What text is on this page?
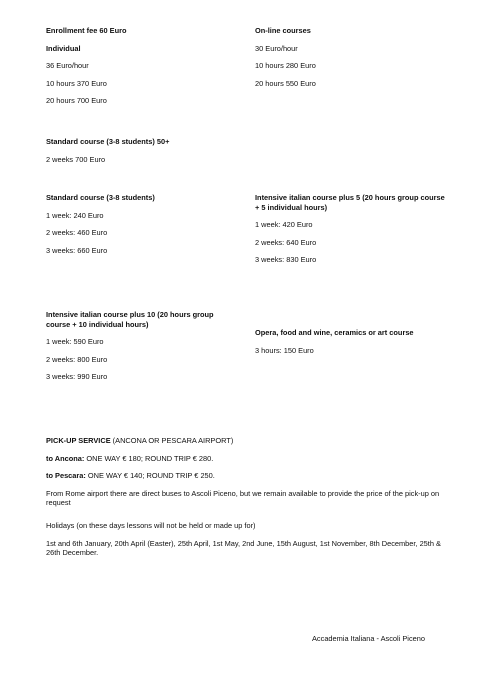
Enrollment fee 60 Euro
Individual
36 Euro/hour
10 hours 370 Euro
20 hours 700 Euro
On-line courses
30 Euro/hour
10 hours 280 Euro
20 hours 550 Euro
Standard course (3-8 students) 50+
2 weeks 700 Euro
Standard course (3-8 students)
1 week: 240 Euro
2 weeks: 460 Euro
3 weeks: 660 Euro
Intensive italian course plus 5 (20 hours group course + 5 individual hours)
1 week: 420 Euro
2 weeks: 640 Euro
3 weeks: 830 Euro
Intensive italian course plus 10 (20 hours group course + 10 individual hours)
1 week: 590 Euro
2 weeks: 800 Euro
3 weeks: 990 Euro
Opera, food and wine, ceramics or art course
3 hours: 150 Euro
PICK-UP SERVICE (ANCONA OR PESCARA AIRPORT)
to Ancona: ONE WAY € 180; ROUND TRIP € 280.
to Pescara: ONE WAY € 140; ROUND TRIP € 250.
From Rome airport there are direct buses to Ascoli Piceno, but we remain available to provide the price of the pick-up on request
Holidays (on these days lessons will not be held or made up for)
1st and 6th January, 20th April (Easter), 25th April, 1st May, 2nd June, 15th August, 1st November, 8th December, 25th & 26th December.
Accademia Italiana - Ascoli Piceno
